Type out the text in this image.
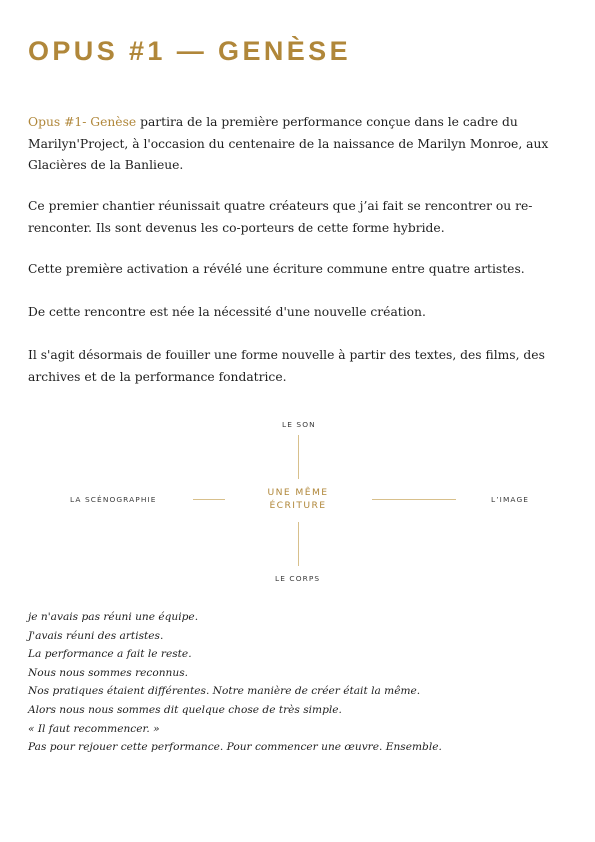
OPUS #1 — GENÈSE

Opus #1- Genèse partira de la première performance conçue dans le cadre du Marilyn'Project, à l'occasion du centenaire de la naissance de Marilyn Monroe, aux Glacières de la Banlieue.

Ce premier chantier réunissait quatre créateurs que j’ai fait se rencontrer ou re-renconter. Ils sont devenus les co-porteurs de cette forme hybride.

Cette première activation a révélé une écriture commune entre quatre artistes.

De cette rencontre est née la nécessité d'une nouvelle création.

Il s'agit désormais de fouiller une forme nouvelle à partir des textes, des films, des archives et de la performance fondatrice.

LE SON
LA SCÉNOGRAPHIE
UNE MÊME
ÉCRITURE
L’IMAGE
LE CORPS
je n'avais pas réuni une équipe.
J'avais réuni des artistes.
La performance a fait le reste.
Nous nous sommes reconnus.
Nos pratiques étaient différentes. Notre manière de créer était la même.
Alors nous nous sommes dit quelque chose de très simple.
« Il faut recommencer. »
Pas pour rejouer cette performance. Pour commencer une œuvre. Ensemble.
